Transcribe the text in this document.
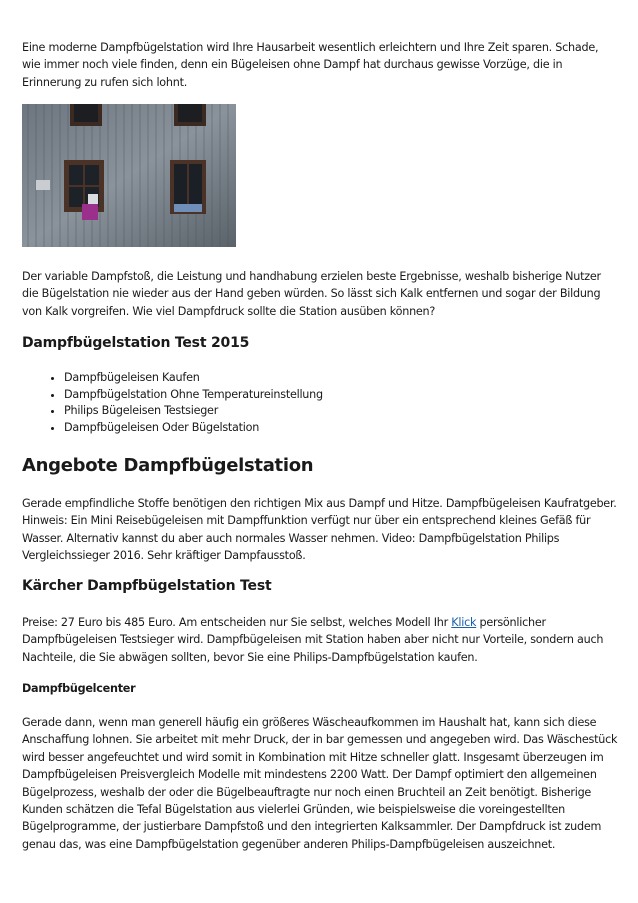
Eine moderne Dampfbügelstation wird Ihre Hausarbeit wesentlich erleichtern und Ihre Zeit sparen. Schade, wie immer noch viele finden, denn ein Bügeleisen ohne Dampf hat durchaus gewisse Vorzüge, die in Erinnerung zu rufen sich lohnt.

Der variable Dampfstoß, die Leistung und handhabung erzielen beste Ergebnisse, weshalb bisherige Nutzer die Bügelstation nie wieder aus der Hand geben würden. So lässt sich Kalk entfernen und sogar der Bildung von Kalk vorgreifen. Wie viel Dampfdruck sollte die Station ausüben können?

Dampfbügelstation Test 2015
• Dampfbügeleisen Kaufen
• Dampfbügelstation Ohne Temperatureinstellung
• Philips Bügeleisen Testsieger
• Dampfbügeleisen Oder Bügelstation
Angebote Dampfbügelstation

Gerade empfindliche Stoffe benötigen den richtigen Mix aus Dampf und Hitze. Dampfbügeleisen Kaufratgeber. Hinweis: Ein Mini Reisebügeleisen mit Dampffunktion verfügt nur über ein entsprechend kleines Gefäß für Wasser. Alternativ kannst du aber auch normales Wasser nehmen. Video: Dampfbügelstation Philips Vergleichssieger 2016. Sehr kräftiger Dampfausstoß.

Kärcher Dampfbügelstation Test

Preise: 27 Euro bis 485 Euro. Am entscheiden nur Sie selbst, welches Modell Ihr Klick persönlicher Dampfbügeleisen Testsieger wird. Dampfbügeleisen mit Station haben aber nicht nur Vorteile, sondern auch Nachteile, die Sie abwägen sollten, bevor Sie eine Philips-Dampfbügelstation kaufen.

Dampfbügelcenter

Gerade dann, wenn man generell häufig ein größeres Wäscheaufkommen im Haushalt hat, kann sich diese Anschaffung lohnen. Sie arbeitet mit mehr Druck, der in bar gemessen und angegeben wird. Das Wäschestück wird besser angefeuchtet und wird somit in Kombination mit Hitze schneller glatt. Insgesamt überzeugen im Dampfbügeleisen Preisvergleich Modelle mit mindestens 2200 Watt. Der Dampf optimiert den allgemeinen Bügelprozess, weshalb der oder die Bügelbeauftragte nur noch einen Bruchteil an Zeit benötigt. Bisherige Kunden schätzen die Tefal Bügelstation aus vielerlei Gründen, wie beispielsweise die voreingestellten Bügelprogramme, der justierbare Dampfstoß und den integrierten Kalksammler. Der Dampfdruck ist zudem genau das, was eine Dampfbügelstation gegenüber anderen Philips-Dampfbügeleisen auszeichnet.
